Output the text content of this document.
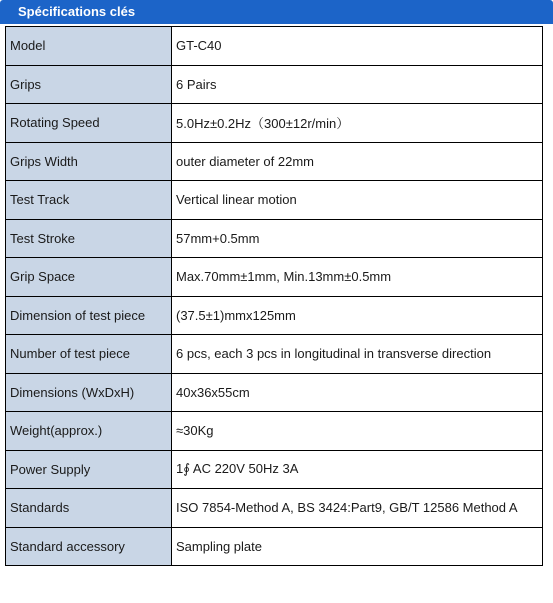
Spécifications clés
Model	GT-C40
Grips	6 Pairs
Rotating Speed	5.0Hz±0.2Hz（300±12r/min）
Grips Width	outer diameter of 22mm
Test Track	Vertical linear motion
Test Stroke	57mm+0.5mm
Grip Space	Max.70mm±1mm, Min.13mm±0.5mm
Dimension of test piece	(37.5±1)mmx125mm
Number of test piece	6 pcs, each 3 pcs in longitudinal in transverse direction
Dimensions (WxDxH)	40x36x55cm
Weight(approx.)	≈30Kg
Power Supply	1∮ AC 220V 50Hz 3A
Standards	ISO 7854-Method A, BS 3424:Part9, GB/T 12586 Method A
Standard accessory	Sampling plate
